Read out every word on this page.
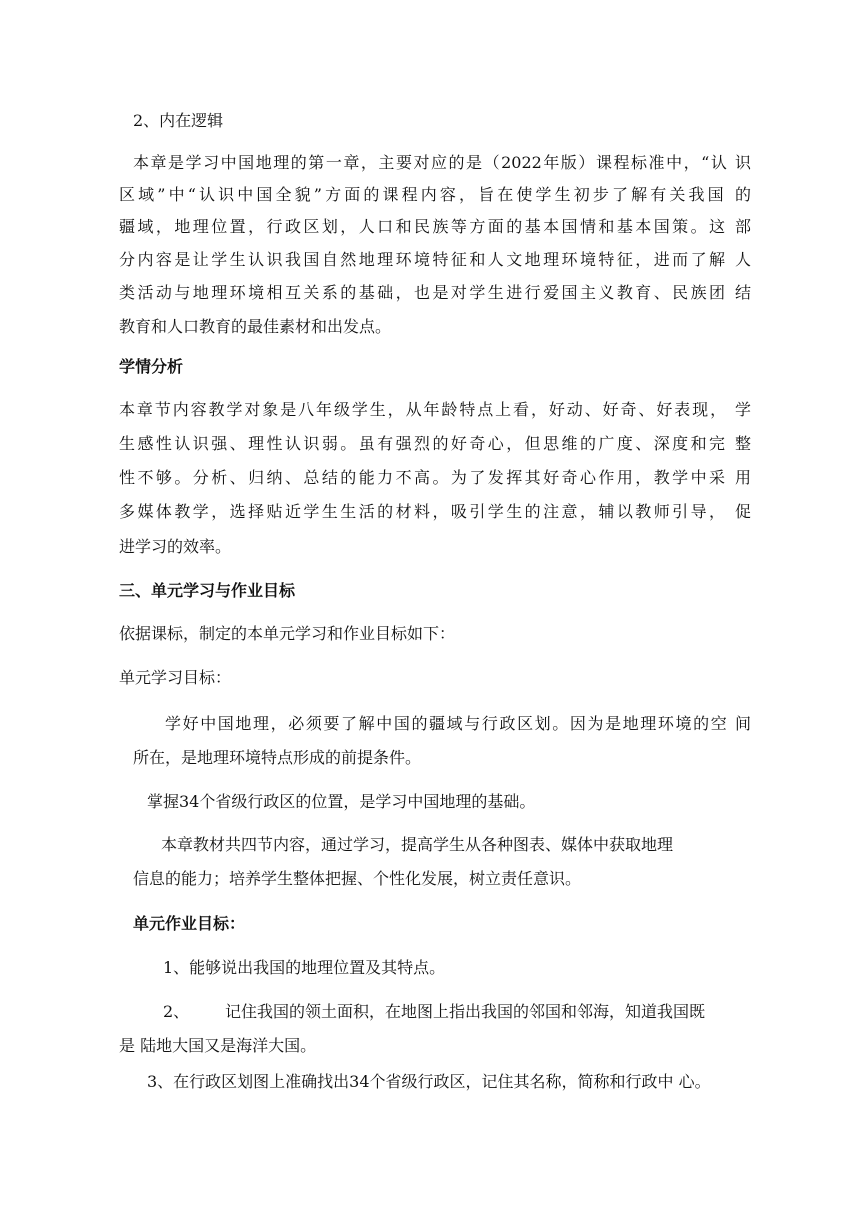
2、内在逻辑
本章是学习中国地理的第一章，主要对应的是（2022年版）课程标准中，“认 识
区域”中“认识中国全貌”方面的课程内容，旨在使学生初步了解有关我国 的
疆域，地理位置，行政区划，人口和民族等方面的基本国情和基本国策。这 部
分内容是让学生认识我国自然地理环境特征和人文地理环境特征，进而了解 人
类活动与地理环境相互关系的基础，也是对学生进行爱国主义教育、民族团 结
教育和人口教育的最佳素材和出发点。
学情分析
本章节内容教学对象是八年级学生，从年龄特点上看，好动、好奇、好表现， 学
生感性认识强、理性认识弱。虽有强烈的好奇心，但思维的广度、深度和完 整
性不够。分析、归纳、总结的能力不高。为了发挥其好奇心作用，教学中采 用
多媒体教学，选择贴近学生生活的材料，吸引学生的注意，辅以教师引导， 促
进学习的效率。
三、单元学习与作业目标
依据课标，制定的本单元学习和作业目标如下：
单元学习目标：
学好中国地理，必须要了解中国的疆域与行政区划。因为是地理环境的空 间
所在，是地理环境特点形成的前提条件。
掌握34个省级行政区的位置，是学习中国地理的基础。
本章教材共四节内容，通过学习，提高学生从各种图表、媒体中获取地理
信息的能力；培养学生整体把握、个性化发展，树立责任意识。
单元作业目标：
1、能够说出我国的地理位置及其特点。
2、 记住我国的领土面积，在地图上指出我国的邻国和邻海，知道我国既
是 陆地大国又是海洋大国。
3、在行政区划图上准确找出34个省级行政区，记住其名称，简称和行政中 心。
